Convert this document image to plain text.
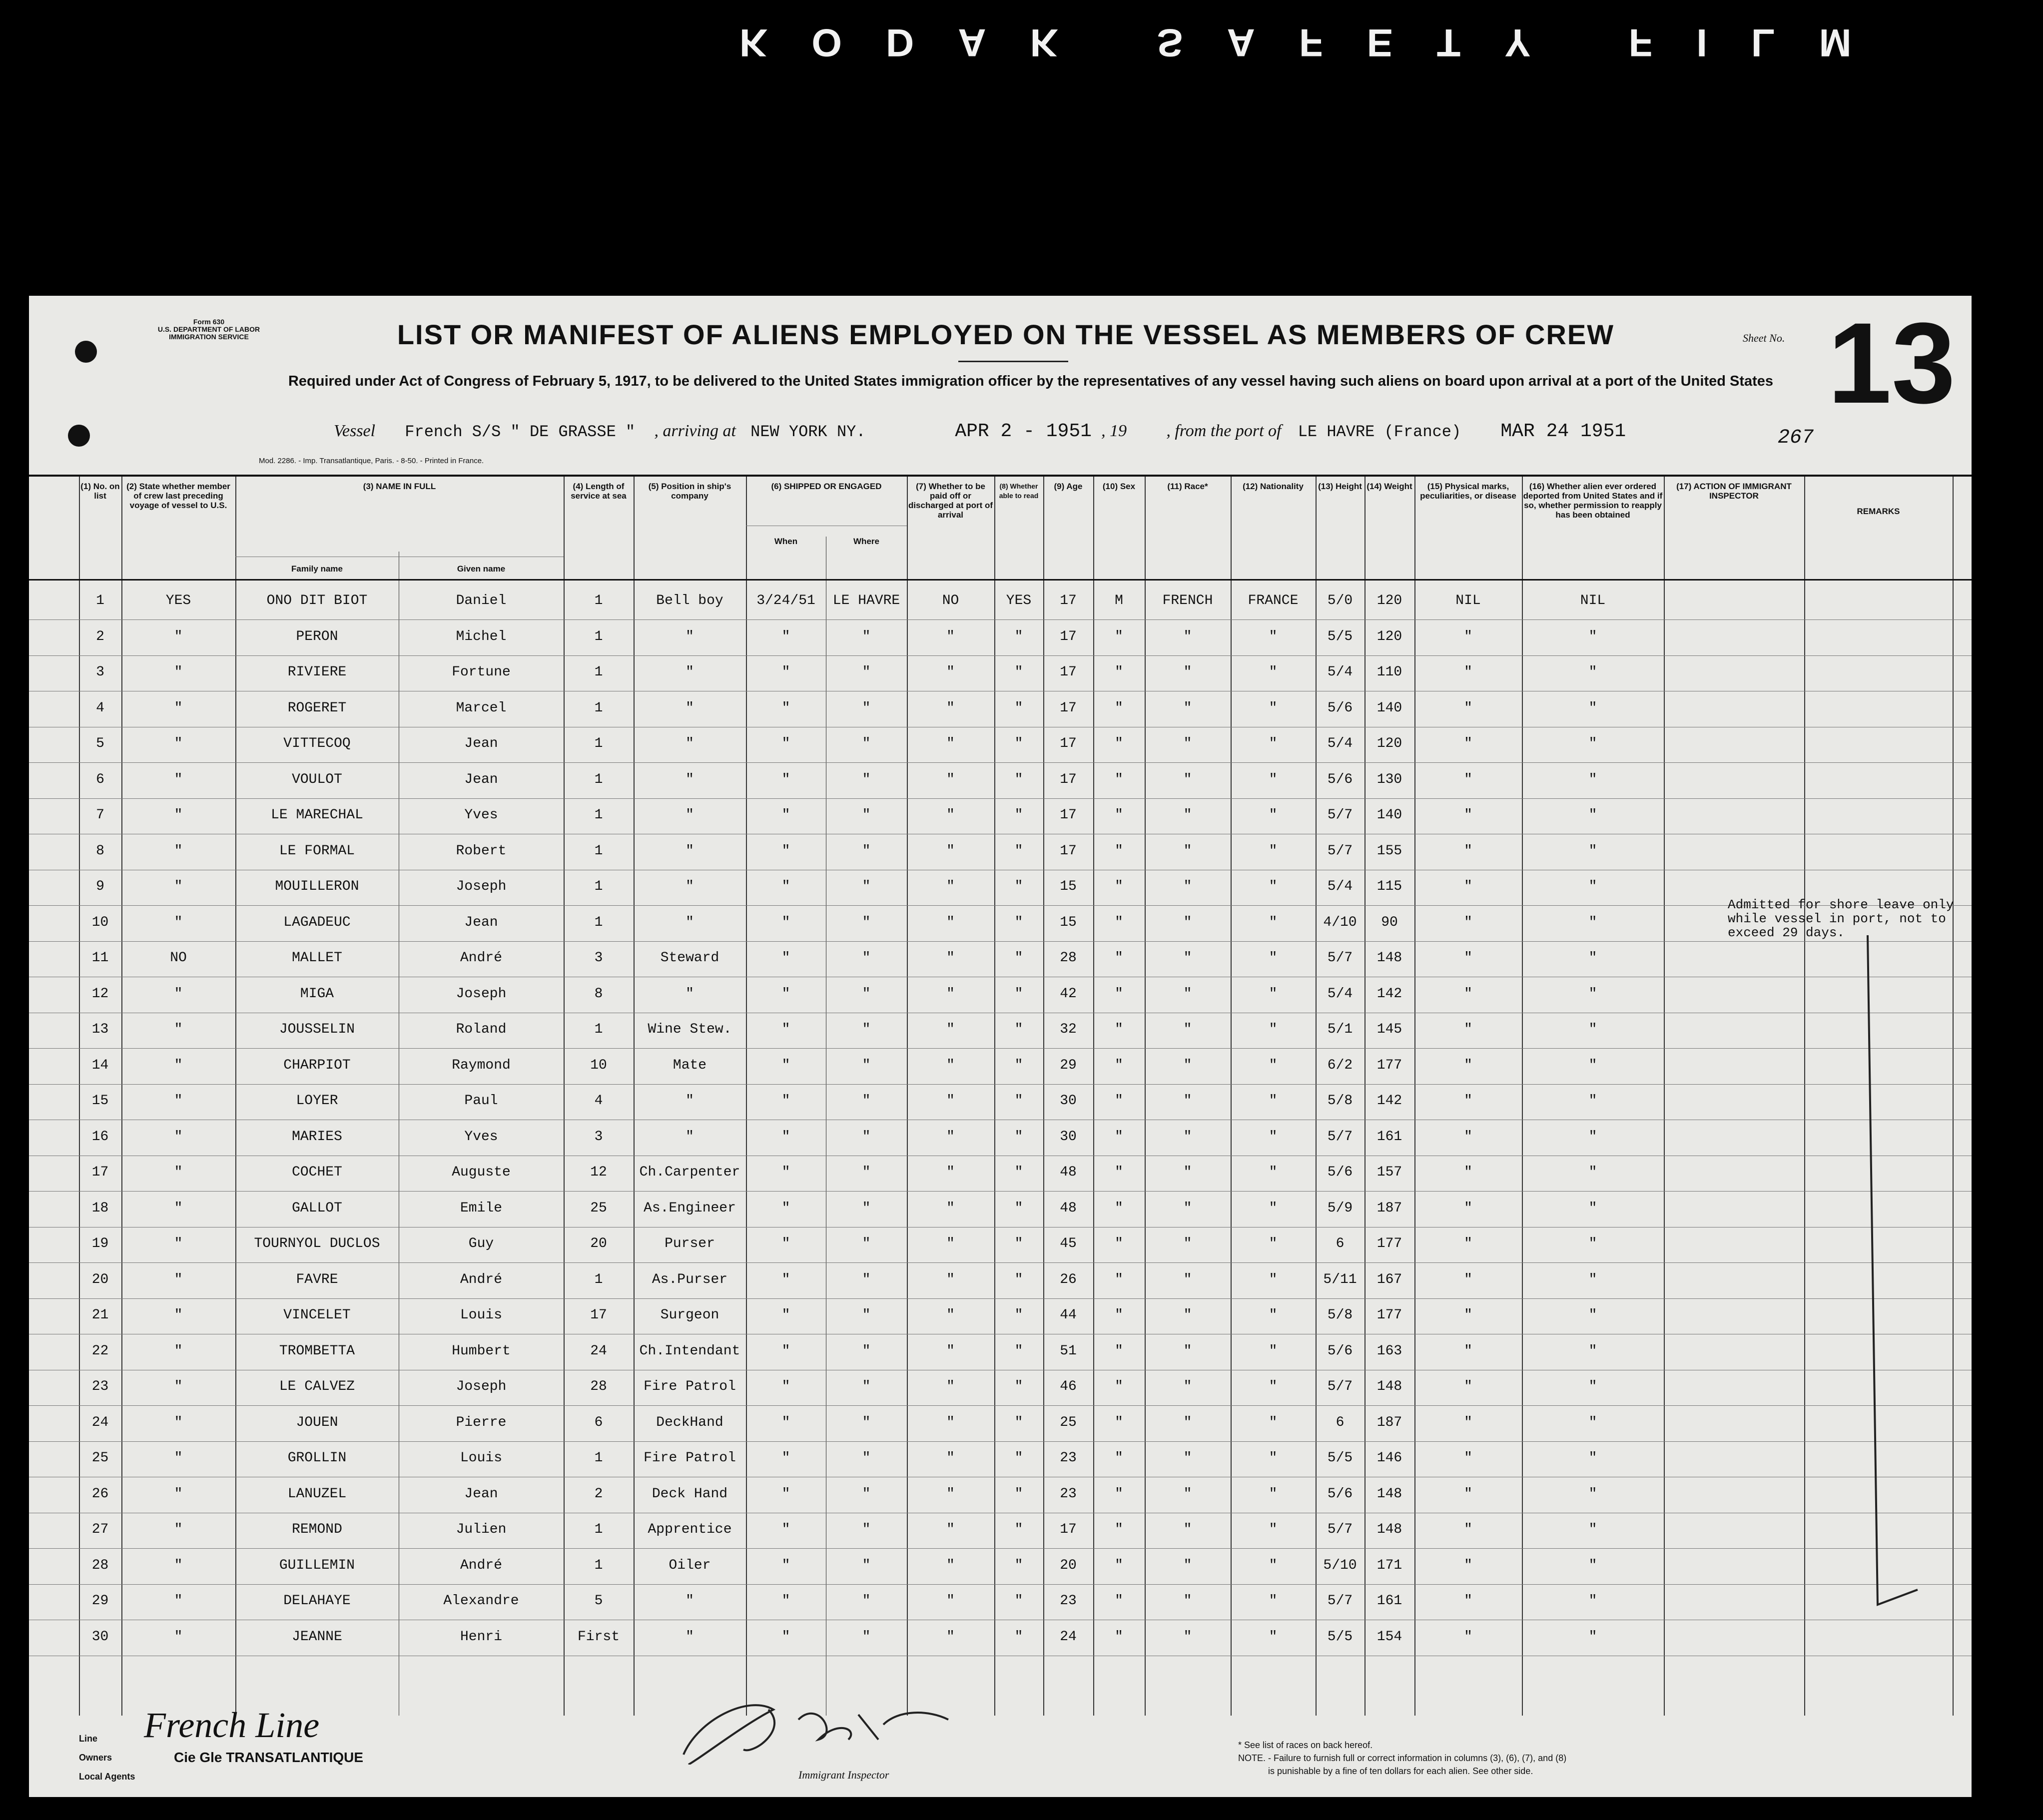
KODAK SAFETY FILM
Form 630
U.S. DEPARTMENT OF LABOR
IMMIGRATION SERVICE	LIST OR MANIFEST OF ALIENS EMPLOYED ON THE VESSEL AS MEMBERS OF CREW
Required under Act of Congress of February 5, 1917, to be delivered to the United States immigration officer by the representatives of any vessel having such aliens on board upon arrival at a port of the United States
Sheet No. 13
Vessel French S/S " DE GRASSE " , arriving at NEW YORK NY.	APR 2 - 1951 , 19 , from the port of LE HAVRE (France) MAR 24 1951	267
Mod. 2286. - Imp. Transatlantique, Paris. - 8-50. - Printed in France.
(1) No. on list
(2) State whether member of crew last preceding voyage of vessel to U.S.
(3) NAME IN FULL
Family name	Given name
(4) Length of service at sea
(5) Position in ship's company
(6) SHIPPED OR ENGAGED
When	Where
(7) Whether to be paid off or discharged at port of arrival
(8) Whether able to read
(9) Age	(10) Sex	(11) Race*	(12) Nationality	(13) Height (14) Weight	(15) Physical marks, peculiarities, or disease
(16) Whether alien ever ordered deported from United States and if so, whether permission to reapply has been obtained
(17) ACTION OF IMMIGRANT INSPECTOR
REMARKS
1	YES	ONO DIT BIOT	Daniel	1	Bell boy	3/24/51	LE HAVRE	NO	YES	17	M	FRENCH	FRANCE	5/0	120	NIL	NIL
2	"	PERON	Michel	1	"	"	"	"	"	17	"	"	"	5/5	120	"	"
3	"	RIVIERE	Fortune	1	"	"	"	"	"	17	"	"	"	5/4	110	"	"
4	"	ROGERET	Marcel	1	"	"	"	"	"	17	"	"	"	5/6	140	"	"
5	"	VITTECOQ	Jean	1	"	"	"	"	"	17	"	"	"	5/4	120	"	"
6	"	VOULOT	Jean	1	"	"	"	"	"	17	"	"	"	5/6	130	"	"
7	"	LE MARECHAL	Yves	1	"	"	"	"	"	17	"	"	"	5/7	140	"	"
8	"	LE FORMAL	Robert	1	"	"	"	"	"	17	"	"	"	5/7	155	"	"
9	"	MOUILLERON	Joseph	1	"	"	"	"	"	15	"	"	"	5/4	115	"	"
10	"	LAGADEUC	Jean	1	"	"	"	"	"	15	"	"	"	4/10	90	"	"
11	NO	MALLET	André	3	Steward	"	"	"	"	28	"	"	"	5/7	148	"	"
12	"	MIGA	Joseph	8	"	"	"	"	"	42	"	"	"	5/4	142	"	"
13	"	JOUSSELIN	Roland	1	Wine Stew.	"	"	"	"	32	"	"	"	5/1	145	"	"
14	"	CHARPIOT	Raymond	10	Mate	"	"	"	"	29	"	"	"	6/2	177	"	"
15	"	LOYER	Paul	4	"	"	"	"	"	30	"	"	"	5/8	142	"	"
16	"	MARIES	Yves	3	"	"	"	"	"	30	"	"	"	5/7	161	"	"
17	"	COCHET	Auguste	12	Ch.Carpenter	"	"	"	"	48	"	"	"	5/6	157	"	"
18	"	GALLOT	Emile	25	As.Engineer	"	"	"	"	48	"	"	"	5/9	187	"	"
19	"	TOURNYOL DUCLOS	Guy	20	Purser	"	"	"	"	45	"	"	"	6	177	"	"
20	"	FAVRE	André	1	As.Purser	"	"	"	"	26	"	"	"	5/11	167	"	"
21	"	VINCELET	Louis	17	Surgeon	"	"	"	"	44	"	"	"	5/8	177	"	"
22	"	TROMBETTA	Humbert	24	Ch.Intendant	"	"	"	"	51	"	"	"	5/6	163	"	"
23	"	LE CALVEZ	Joseph	28	Fire Patrol	"	"	"	"	46	"	"	"	5/7	148	"	"
24	"	JOUEN	Pierre	6	DeckHand	"	"	"	"	25	"	"	"	6	187	"	"
25	"	GROLLIN	Louis	1	Fire Patrol	"	"	"	"	23	"	"	"	5/5	146	"	"
26	"	LANUZEL	Jean	2	Deck Hand	"	"	"	"	23	"	"	"	5/6	148	"	"
27	"	REMOND	Julien	1	Apprentice	"	"	"	"	17	"	"	"	5/7	148	"	"
28	"	GUILLEMIN	André	1	Oiler	"	"	"	"	20	"	"	"	5/10	171	"	"
29	"	DELAHAYE	Alexandre	5	"	"	"	"	"	23	"	"	"	5/7	161	"	"
30	"	JEANNE	Henri	First	"	"	"	"	"	24	"	"	"	5/5	154	"	"
Admitted for shore leave only while vessel in port, not to exceed 29 days.
Line
Owners
Local Agents
French Line
Cie Gle TRANSATLANTIQUE
Immigrant Inspector
* See list of races on back hereof.
NOTE. - Failure to furnish full or correct information in columns (3), (6), (7), and (8)
is punishable by a fine of ten dollars for each alien. See other side.
